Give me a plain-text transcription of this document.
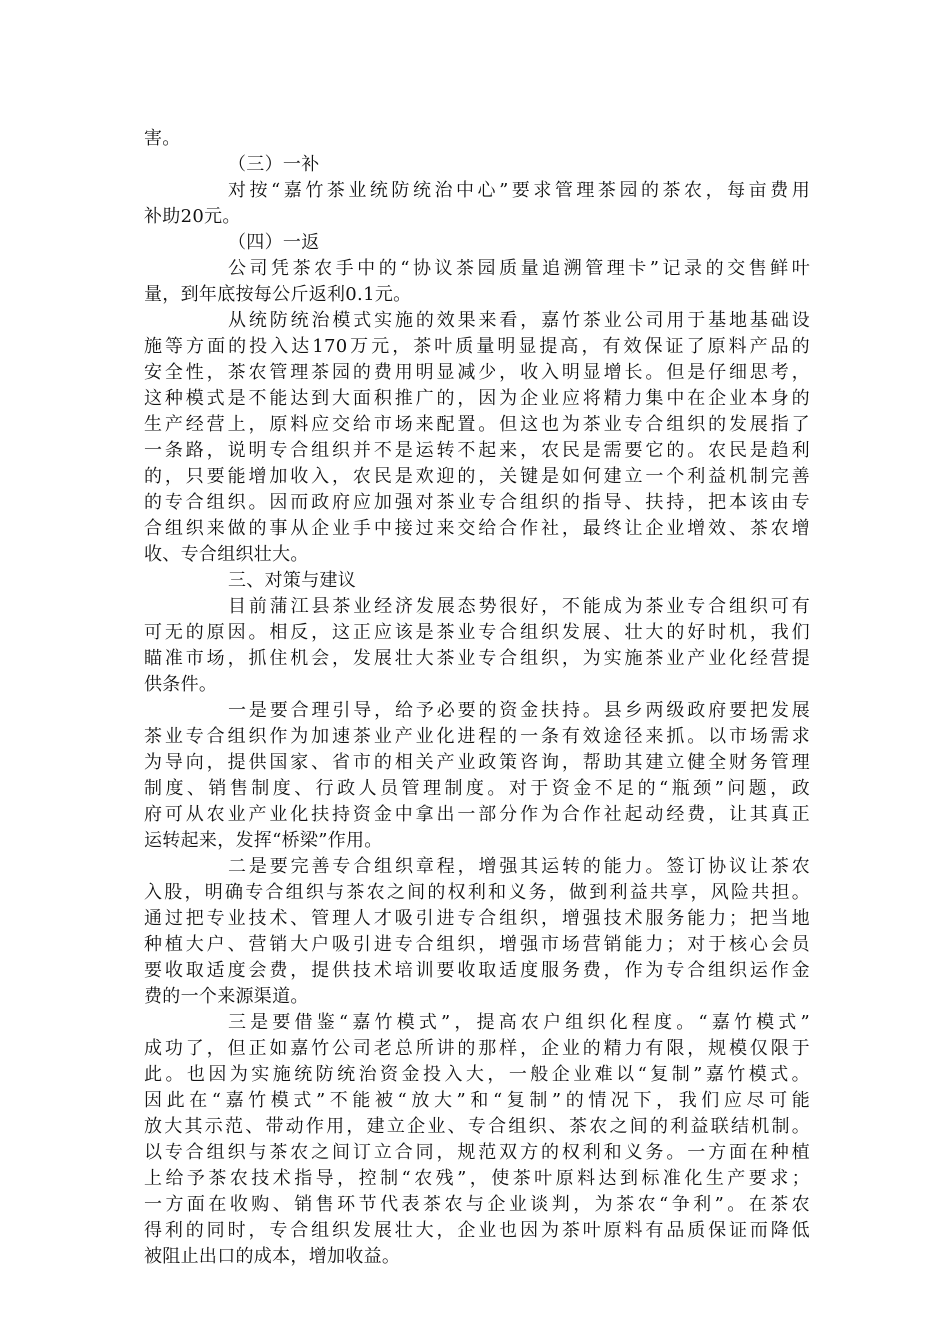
害。
（三）一补
对按“嘉竹茶业统防统治中心”要求管理茶园的茶农，每亩费用
补助20元。
（四）一返
公司凭茶农手中的“协议茶园质量追溯管理卡”记录的交售鲜叶
量，到年底按每公斤返利0.1元。
从统防统治模式实施的效果来看，嘉竹茶业公司用于基地基础设
施等方面的投入达170万元，茶叶质量明显提高，有效保证了原料产品的
安全性，茶农管理茶园的费用明显减少，收入明显增长。但是仔细思考，
这种模式是不能达到大面积推广的，因为企业应将精力集中在企业本身的
生产经营上，原料应交给市场来配置。但这也为茶业专合组织的发展指了
一条路，说明专合组织并不是运转不起来，农民是需要它的。农民是趋利
的，只要能增加收入，农民是欢迎的，关键是如何建立一个利益机制完善
的专合组织。因而政府应加强对茶业专合组织的指导、扶持，把本该由专
合组织来做的事从企业手中接过来交给合作社，最终让企业增效、茶农增
收、专合组织壮大。
三、对策与建议
目前蒲江县茶业经济发展态势很好，不能成为茶业专合组织可有
可无的原因。相反，这正应该是茶业专合组织发展、壮大的好时机，我们
瞄准市场，抓住机会，发展壮大茶业专合组织，为实施茶业产业化经营提
供条件。
一是要合理引导，给予必要的资金扶持。县乡两级政府要把发展
茶业专合组织作为加速茶业产业化进程的一条有效途径来抓。以市场需求
为导向，提供国家、省市的相关产业政策咨询，帮助其建立健全财务管理
制度、销售制度、行政人员管理制度。对于资金不足的“瓶颈”问题，政
府可从农业产业化扶持资金中拿出一部分作为合作社起动经费，让其真正
运转起来，发挥“桥梁”作用。
二是要完善专合组织章程，增强其运转的能力。签订协议让茶农
入股，明确专合组织与茶农之间的权利和义务，做到利益共享，风险共担。
通过把专业技术、管理人才吸引进专合组织，增强技术服务能力；把当地
种植大户、营销大户吸引进专合组织，增强市场营销能力；对于核心会员
要收取适度会费，提供技术培训要收取适度服务费，作为专合组织运作金
费的一个来源渠道。
三是要借鉴“嘉竹模式”，提高农户组织化程度。“嘉竹模式”
成功了，但正如嘉竹公司老总所讲的那样，企业的精力有限，规模仅限于
此。也因为实施统防统治资金投入大，一般企业难以“复制”嘉竹模式。
因此在“嘉竹模式”不能被“放大”和“复制”的情况下，我们应尽可能
放大其示范、带动作用，建立企业、专合组织、茶农之间的利益联结机制。
以专合组织与茶农之间订立合同，规范双方的权利和义务。一方面在种植
上给予茶农技术指导，控制“农残”，使茶叶原料达到标准化生产要求；
一方面在收购、销售环节代表茶农与企业谈判，为茶农“争利”。在茶农
得利的同时，专合组织发展壮大，企业也因为茶叶原料有品质保证而降低
被阻止出口的成本，增加收益。
